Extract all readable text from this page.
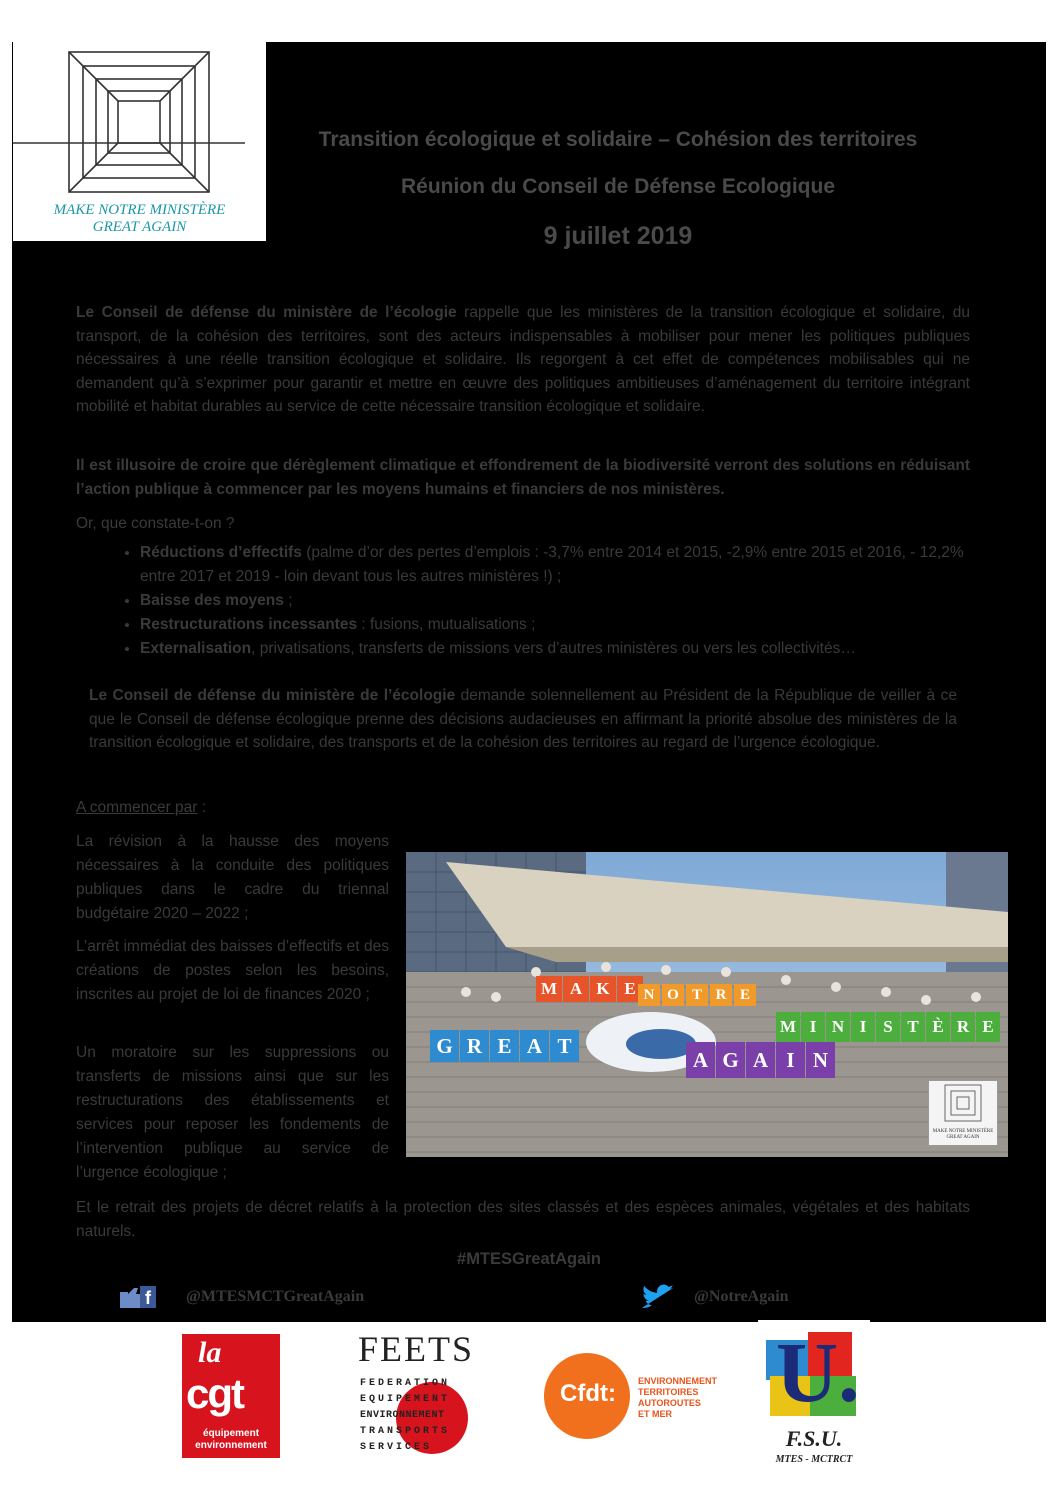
MAKE NOTRE MINISTÈRE
GREAT AGAIN
Transition écologique et solidaire – Cohésion des territoires
Réunion du Conseil de Défense Ecologique
9 juillet 2019
Le Conseil de défense du ministère de l’écologie rappelle que les ministères de la transition écologique et solidaire, du transport, de la cohésion des territoires, sont des acteurs indispensables à mobiliser pour mener les politiques publiques nécessaires à une réelle transition écologique et solidaire. Ils regorgent à cet effet de compétences mobilisables qui ne demandent qu’à s’exprimer pour garantir et mettre en œuvre des politiques ambitieuses d’aménagement du territoire intégrant mobilité et habitat durables au service de cette nécessaire transition écologique et solidaire.
Il est illusoire de croire que dérèglement climatique et effondrement de la biodiversité verront des solutions en réduisant l’action publique à commencer par les moyens humains et financiers de nos ministères.
Or, que constate-t-on ?
• Réductions d’effectifs (palme d’or des pertes d’emplois : -3,7% entre 2014 et 2015, -2,9% entre 2015 et 2016, - 12,2% entre 2017 et 2019 - loin devant tous les autres ministères !) ;
• Baisse des moyens ;
• Restructurations incessantes : fusions, mutualisations ;
• Externalisation, privatisations, transferts de missions vers d’autres ministères ou vers les collectivités…
Le Conseil de défense du ministère de l’écologie demande solennellement au Président de la République de veiller à ce que le Conseil de défense écologique prenne des décisions audacieuses en affirmant la priorité absolue des ministères de la transition écologique et solidaire, des transports et de la cohésion des territoires au regard de l’urgence écologique.
A commencer par :
La révision à la hausse des moyens nécessaires à la conduite des politiques publiques dans le cadre du triennal budgétaire 2020 – 2022 ;
L’arrêt immédiat des baisses d’effectifs et des créations de postes selon les besoins, inscrites au projet de loi de finances 2020 ;
Un moratoire sur les suppressions ou transferts de missions ainsi que sur les restructurations des établissements et services pour reposer les fondements de l’intervention publique au service de l’urgence écologique ;
M A K E N O T R E
M I N I S T È R E
G R E A T
A G A I N
MAKE NOTRE MINISTÈRE
GREAT AGAIN
Et le retrait des projets de décret relatifs à la protection des sites classés et des espèces animales, végétales et des habitats naturels.
#MTESGreatAgain
f @MTESMCTGreatAgain	@NotreAgain
la
cgt
équipement
environnement
FEETS
FEDERATION
EQUIPEMENT
ENVIRONNEMENT
TRANSPORTS
SERVICES
Cfdt:	ENVIRONNEMENT
TERRITOIRES
AUTOROUTES
ET MER	U.
F.S.U.
MTES - MCTRCT
